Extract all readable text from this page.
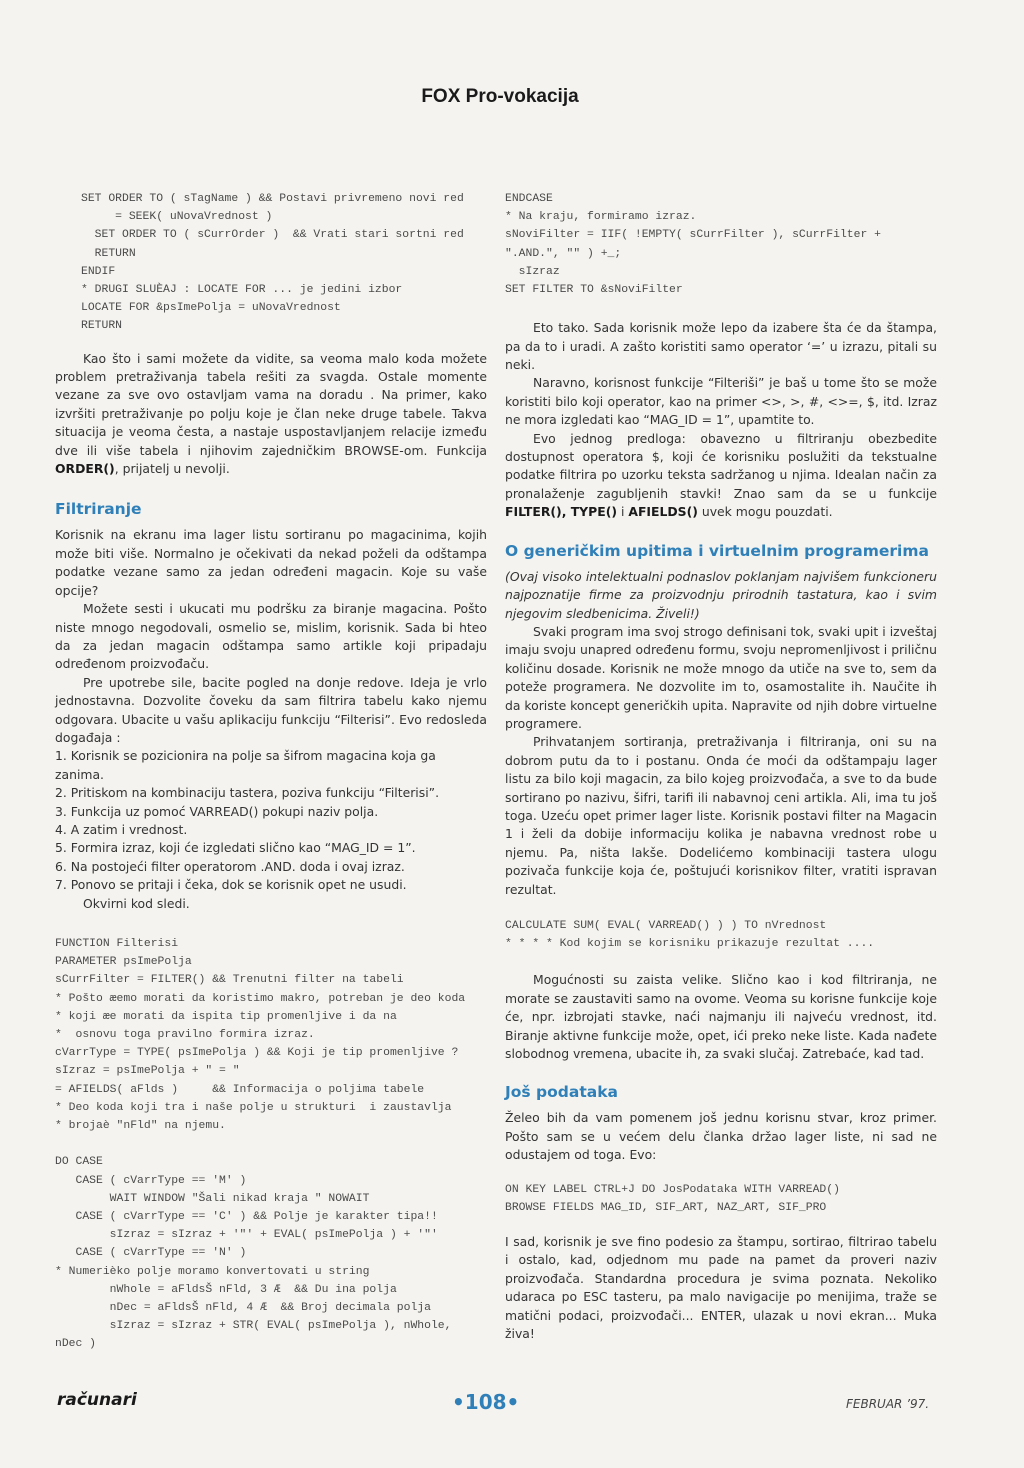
FOX Pro-vokacija
SET ORDER TO ( sTagName ) && Postavi privremeno novi red
= SEEK( uNovaVrednost )
SET ORDER TO ( sCurrOrder )  && Vrati stari sortni red
RETURN
ENDIF
* DRUGI SLUÈAJ : LOCATE FOR ... je jedini izbor
LOCATE FOR &psImePolja = uNovaVrednost
RETURN

Kao što i sami možete da vidite, sa veoma malo koda možete problem pretraživanja tabela rešiti za svagda. Ostale momente vezane za sve ovo ostavljam vama na doradu . Na primer, kako izvršiti pretraživanje po polju koje je član neke druge tabele. Takva situacija je veoma česta, a nastaje uspostavljanjem relacije između dve ili više tabela i njihovim zajedničkim BROWSE-om. Funkcija ORDER(), prijatelj u nevolji.

Filtriranje

Korisnik na ekranu ima lager listu sortiranu po magacinima, kojih može biti više. Normalno je očekivati da nekad poželi da odštampa podatke vezane samo za jedan određeni magacin. Koje su vaše opcije?

Možete sesti i ukucati mu podršku za biranje magacina. Pošto niste mnogo negodovali, osmelio se, mislim, korisnik. Sada bi hteo da za jedan magacin odštampa samo artikle koji pripadaju određenom proizvođaču.

Pre upotrebe sile, bacite pogled na donje redove. Ideja je vrlo jednostavna. Dozvolite čoveku da sam filtrira tabelu kako njemu odgovara. Ubacite u vašu aplikaciju funkciju “Filterisi”. Evo redosleda događaja :

1. Korisnik se pozicionira na polje sa šifrom magacina koja ga zanima.
2. Pritiskom na kombinaciju tastera, poziva funkciju “Filterisi”.
3. Funkcija uz pomoć VARREAD() pokupi naziv polja.
4. A zatim i vrednost.
5. Formira izraz, koji će izgledati slično kao “MAG_ID = 1”.
6. Na postojeći filter operatorom .AND. doda i ovaj izraz.
7. Ponovo se pritaji i čeka, dok se korisnik opet ne usudi.

Okvirni kod sledi.

FUNCTION Filterisi
PARAMETER psImePolja
sCurrFilter = FILTER() && Trenutni filter na tabeli
* Pošto æemo morati da koristimo makro, potreban je deo koda
* koji æe morati da ispita tip promenljive i da na
*  osnovu toga pravilno formira izraz.
cVarrType = TYPE( psImePolja ) && Koji je tip promenljive ?
sIzraz = psImePolja + " = "
= AFIELDS( aFlds )     && Informacija o poljima tabele
* Deo koda koji tra i naše polje u strukturi  i zaustavlja
* brojaè "nFld" na njemu.

DO CASE
CASE ( cVarrType == 'M' )
WAIT WINDOW "Šali nikad kraja " NOWAIT
CASE ( cVarrType == 'C' ) && Polje je karakter tipa!!
sIzraz = sIzraz + '"' + EVAL( psImePolja ) + '"'
CASE ( cVarrType == 'N' )
* Numerièko polje moramo konvertovati u string
nWhole = aFldsŠ nFld, 3 Æ  && Du ina polja
nDec = aFldsŠ nFld, 4 Æ  && Broj decimala polja
sIzraz = sIzraz + STR( EVAL( psImePolja ), nWhole,
nDec )
ENDCASE
* Na kraju, formiramo izraz.
sNoviFilter = IIF( !EMPTY( sCurrFilter ), sCurrFilter +
".AND.", "" ) +_;
sIzraz
SET FILTER TO &sNoviFilter

Eto tako. Sada korisnik može lepo da izabere šta će da štampa, pa da to i uradi. A zašto koristiti samo operator ‘=’ u izrazu, pitali su neki.

Naravno, korisnost funkcije “Filteriši” je baš u tome što se može koristiti bilo koji operator, kao na primer <>, >, #, <>=, $, itd. Izraz ne mora izgledati kao “MAG_ID = 1”, upamtite to.

Evo jednog predloga: obavezno u filtriranju obezbedite dostupnost operatora $, koji će korisniku poslužiti da tekstualne podatke filtrira po uzorku teksta sadržanog u njima. Idealan način za pronalaženje zagubljenih stavki! Znao sam da se u funkcije FILTER(), TYPE() i AFIELDS() uvek mogu pouzdati.

O generičkim upitima i virtuelnim programerima

(Ovaj visoko intelektualni podnaslov poklanjam najvišem funkcioneru najpoznatije firme za proizvodnju prirodnih tastatura, kao i svim njegovim sledbenicima. Živeli!)

Svaki program ima svoj strogo definisani tok, svaki upit i izveštaj imaju svoju unapred određenu formu, svoju nepromenljivost i priličnu količinu dosade. Korisnik ne može mnogo da utiče na sve to, sem da poteže programera. Ne dozvolite im to, osamostalite ih. Naučite ih da koriste koncept generičkih upita. Napravite od njih dobre virtuelne programere.

Prihvatanjem sortiranja, pretraživanja i filtriranja, oni su na dobrom putu da to i postanu. Onda će moći da odštampaju lager listu za bilo koji magacin, za bilo kojeg proizvođača, a sve to da bude sortirano po nazivu, šifri, tarifi ili nabavnoj ceni artikla. Ali, ima tu još toga. Uzeću opet primer lager liste. Korisnik postavi filter na Magacin 1 i želi da dobije informaciju kolika je nabavna vrednost robe u njemu. Pa, ništa lakše. Dodelićemo kombinaciji tastera ulogu pozivača funkcije koja će, poštujući korisnikov filter, vratiti ispravan rezultat.

CALCULATE SUM( EVAL( VARREAD() ) ) TO nVrednost
* * * * Kod kojim se korisniku prikazuje rezultat ....

Mogućnosti su zaista velike. Slično kao i kod filtriranja, ne morate se zaustaviti samo na ovome. Veoma su korisne funkcije koje će, npr. izbrojati stavke, naći najmanju ili najveću vrednost, itd. Biranje aktivne funkcije može, opet, ići preko neke liste. Kada nađete slobodnog vremena, ubacite ih, za svaki slučaj. Zatrebaće, kad tad.

Još podataka

Želeo bih da vam pomenem još jednu korisnu stvar, kroz primer. Pošto sam se u većem delu članka držao lager liste, ni sad ne odustajem od toga. Evo:

ON KEY LABEL CTRL+J DO JosPodataka WITH VARREAD()
BROWSE FIELDS MAG_ID, SIF_ART, NAZ_ART, SIF_PRO

I sad, korisnik je sve fino podesio za štampu, sortirao, filtrirao tabelu i ostalo, kad, odjednom mu pade na pamet da proveri naziv proizvođača. Standardna procedura je svima poznata. Nekoliko udaraca po ESC tasteru, pa malo navigacije po menijima, traže se matični podaci, proizvođači... ENTER, ulazak u novi ekran... Muka živa!

računari	•108•	FEBRUAR ’97.
